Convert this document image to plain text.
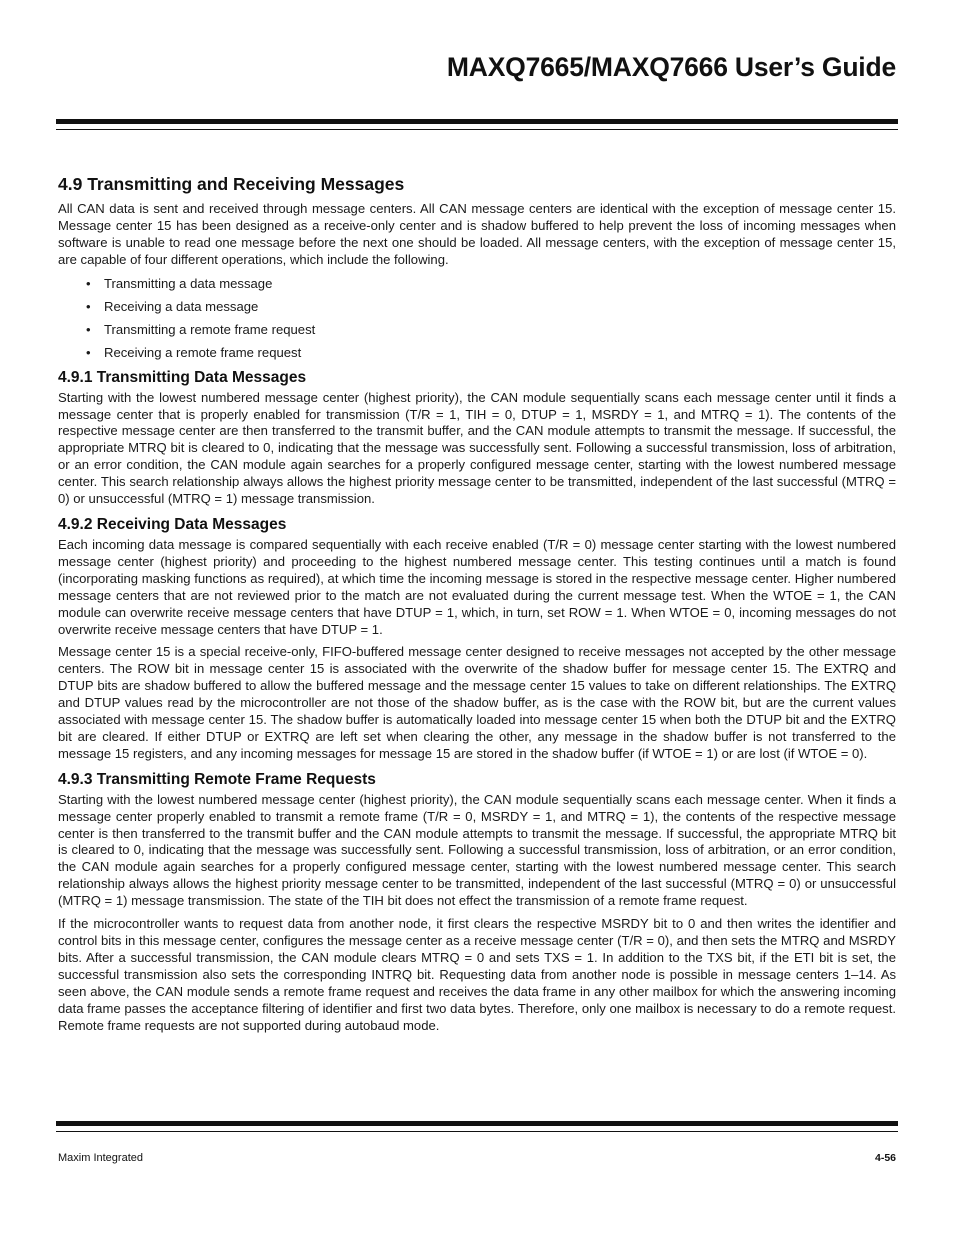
MAXQ7665/MAXQ7666 User’s Guide
4.9 Transmitting and Receiving Messages

All CAN data is sent and received through message centers. All CAN message centers are identical with the exception of message center 15. Message center 15 has been designed as a receive-only center and is shadow buffered to help prevent the loss of incoming messages when software is unable to read one message before the next one should be loaded. All message centers, with the exception of message center 15, are capable of four different operations, which include the following.

• Transmitting a data message
• Receiving a data message
• Transmitting a remote frame request
• Receiving a remote frame request
4.9.1 Transmitting Data Messages

Starting with the lowest numbered message center (highest priority), the CAN module sequentially scans each message center until it finds a message center that is properly enabled for transmission (T/R = 1, TIH = 0, DTUP = 1, MSRDY = 1, and MTRQ = 1). The contents of the respective message center are then transferred to the transmit buffer, and the CAN module attempts to transmit the message. If successful, the appropriate MTRQ bit is cleared to 0, indicating that the message was successfully sent. Following a successful transmission, loss of arbitration, or an error condition, the CAN module again searches for a properly configured message center, starting with the lowest numbered message center. This search relationship always allows the highest priority message center to be transmitted, independent of the last successful (MTRQ = 0) or unsuccessful (MTRQ = 1) message transmission.

4.9.2 Receiving Data Messages

Each incoming data message is compared sequentially with each receive enabled (T/R = 0) message center starting with the lowest numbered message center (highest priority) and proceeding to the highest numbered message center. This testing continues until a match is found (incorporating masking functions as required), at which time the incoming message is stored in the respective message center. Higher numbered message centers that are not reviewed prior to the match are not evaluated during the current message test. When the WTOE = 1, the CAN module can overwrite receive message centers that have DTUP = 1, which, in turn, set ROW = 1. When WTOE = 0, incoming messages do not overwrite receive message centers that have DTUP = 1.

Message center 15 is a special receive-only, FIFO-buffered message center designed to receive messages not accepted by the other message centers. The ROW bit in message center 15 is associated with the overwrite of the shadow buffer for message center 15. The EXTRQ and DTUP bits are shadow buffered to allow the buffered message and the message center 15 values to take on different relationships. The EXTRQ and DTUP values read by the microcontroller are not those of the shadow buffer, as is the case with the ROW bit, but are the current values associated with message center 15. The shadow buffer is automatically loaded into message center 15 when both the DTUP bit and the EXTRQ bit are cleared. If either DTUP or EXTRQ are left set when clearing the other, any message in the shadow buffer is not transferred to the message 15 registers, and any incoming messages for message 15 are stored in the shadow buffer (if WTOE = 1) or are lost (if WTOE = 0).

4.9.3 Transmitting Remote Frame Requests

Starting with the lowest numbered message center (highest priority), the CAN module sequentially scans each message center. When it finds a message center properly enabled to transmit a remote frame (T/R = 0, MSRDY = 1, and MTRQ = 1), the contents of the respective message center is then transferred to the transmit buffer and the CAN module attempts to transmit the message. If successful, the appropriate MTRQ bit is cleared to 0, indicating that the message was successfully sent. Following a successful transmission, loss of arbitration, or an error condition, the CAN module again searches for a properly configured message center, starting with the lowest numbered message center. This search relationship always allows the highest priority message center to be transmitted, independent of the last successful (MTRQ = 0) or unsuccessful (MTRQ = 1) message transmission. The state of the TIH bit does not effect the transmission of a remote frame request.

If the microcontroller wants to request data from another node, it first clears the respective MSRDY bit to 0 and then writes the identifier and control bits in this message center, configures the message center as a receive message center (T/R = 0), and then sets the MTRQ and MSRDY bits. After a successful transmission, the CAN module clears MTRQ = 0 and sets TXS = 1. In addition to the TXS bit, if the ETI bit is set, the successful transmission also sets the corresponding INTRQ bit. Requesting data from another node is possible in message centers 1–14. As seen above, the CAN module sends a remote frame request and receives the data frame in any other mailbox for which the answering incoming data frame passes the acceptance filtering of identifier and first two data bytes. Therefore, only one mailbox is necessary to do a remote request. Remote frame requests are not supported during autobaud mode.

Maxim Integrated	4-56
